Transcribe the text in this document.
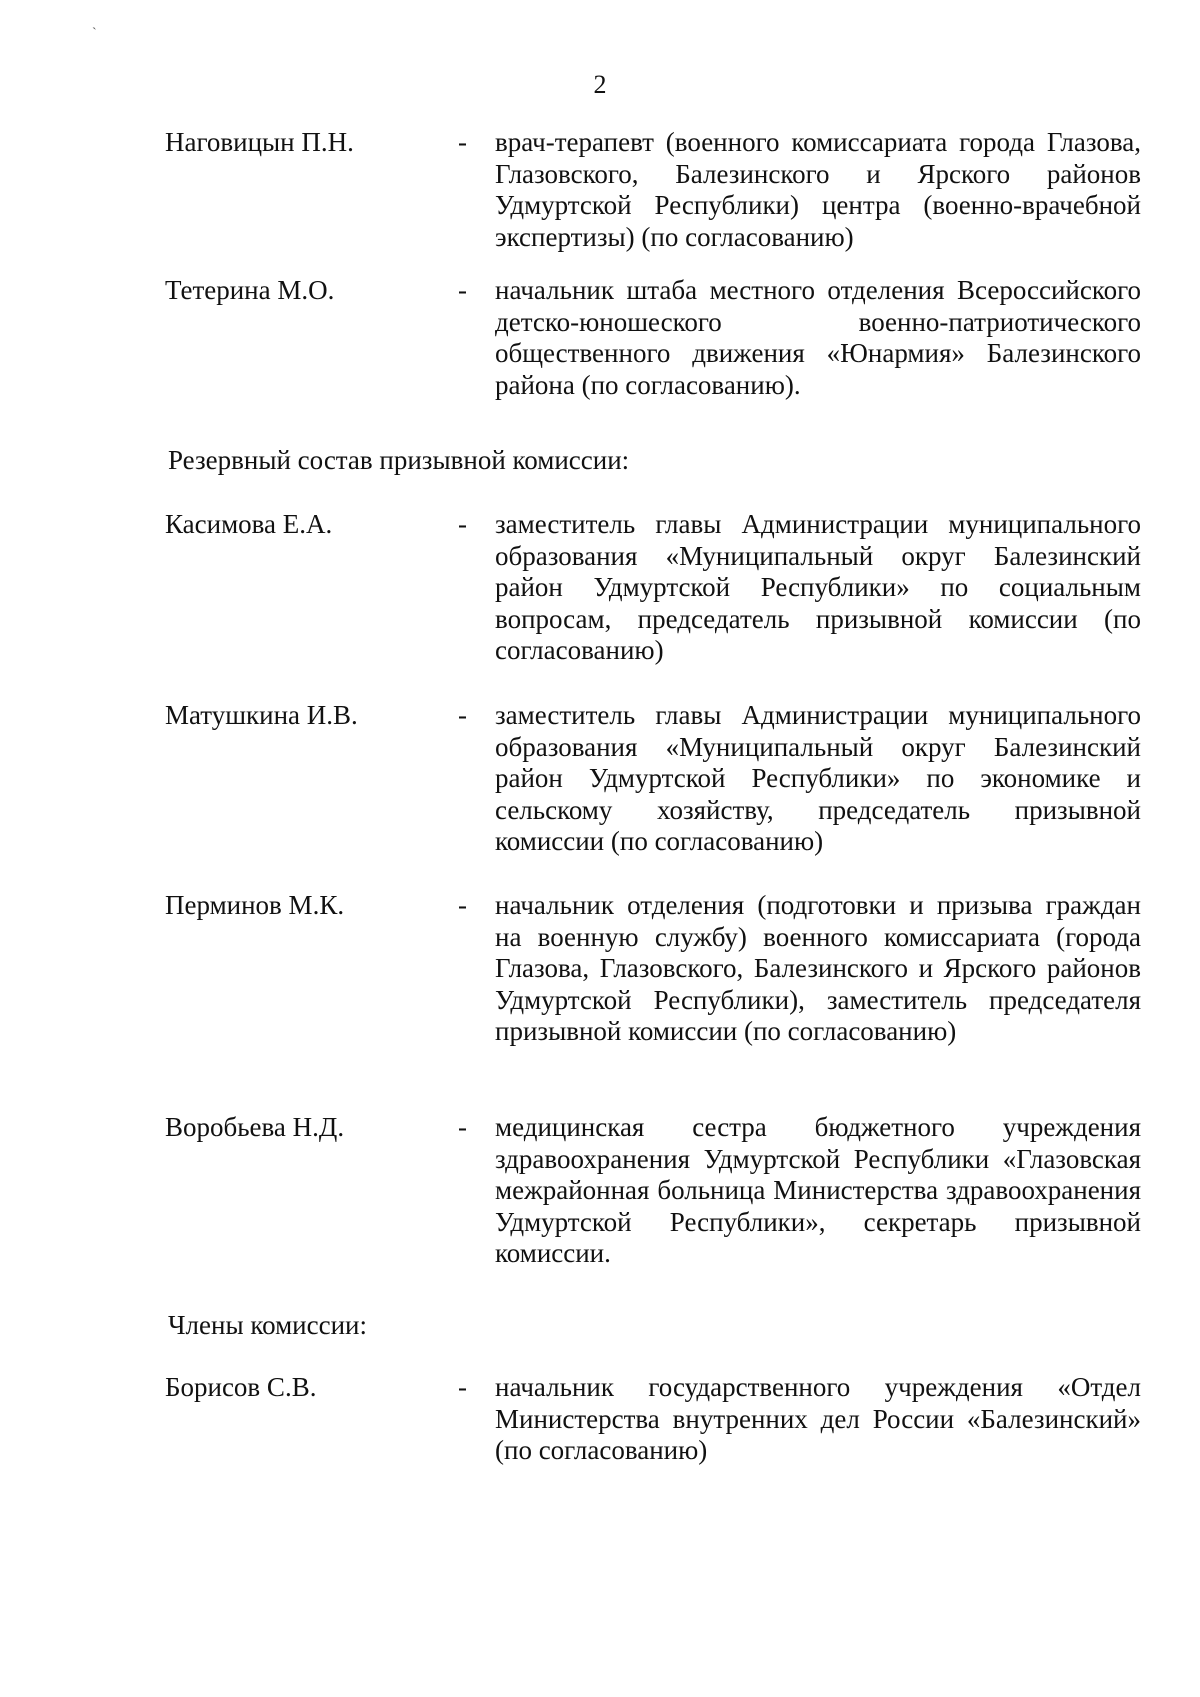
`
2
Наговицын П.Н.	- врач-терапевт (военного комиссариата города Глазова, Глазовского, Балезинского и Ярского районов Удмуртской Республики) центра (военно-врачебной экспертизы) (по согласованию)
Тетерина М.О.	- начальник штаба местного отделения Всероссийского детско-юношеского военно-патриотического общественного движения «Юнармия» Балезинского района (по согласованию).
Резервный состав призывной комиссии:
Касимова Е.А.	- заместитель главы Администрации муниципального образования «Муниципальный округ Балезинский район Удмуртской Республики» по социальным вопросам, председатель призывной комиссии (по согласованию)
Матушкина И.В.	- заместитель главы Администрации муниципального образования «Муниципальный округ Балезинский район Удмуртской Республики» по экономике и сельскому хозяйству, председатель призывной комиссии (по согласованию)
Перминов М.К.	- начальник отделения (подготовки и призыва граждан на военную службу) военного комиссариата (города Глазова, Глазовского, Балезинского и Ярского районов Удмуртской Республики), заместитель председателя призывной комиссии (по согласованию)
Воробьева Н.Д.	- медицинская сестра бюджетного учреждения здравоохранения Удмуртской Республики «Глазовская межрайонная больница Министерства здравоохранения Удмуртской Республики», секретарь призывной комиссии.
Члены комиссии:
Борисов С.В.	- начальник государственного учреждения «Отдел Министерства внутренних дел России «Балезинский» (по согласованию)
